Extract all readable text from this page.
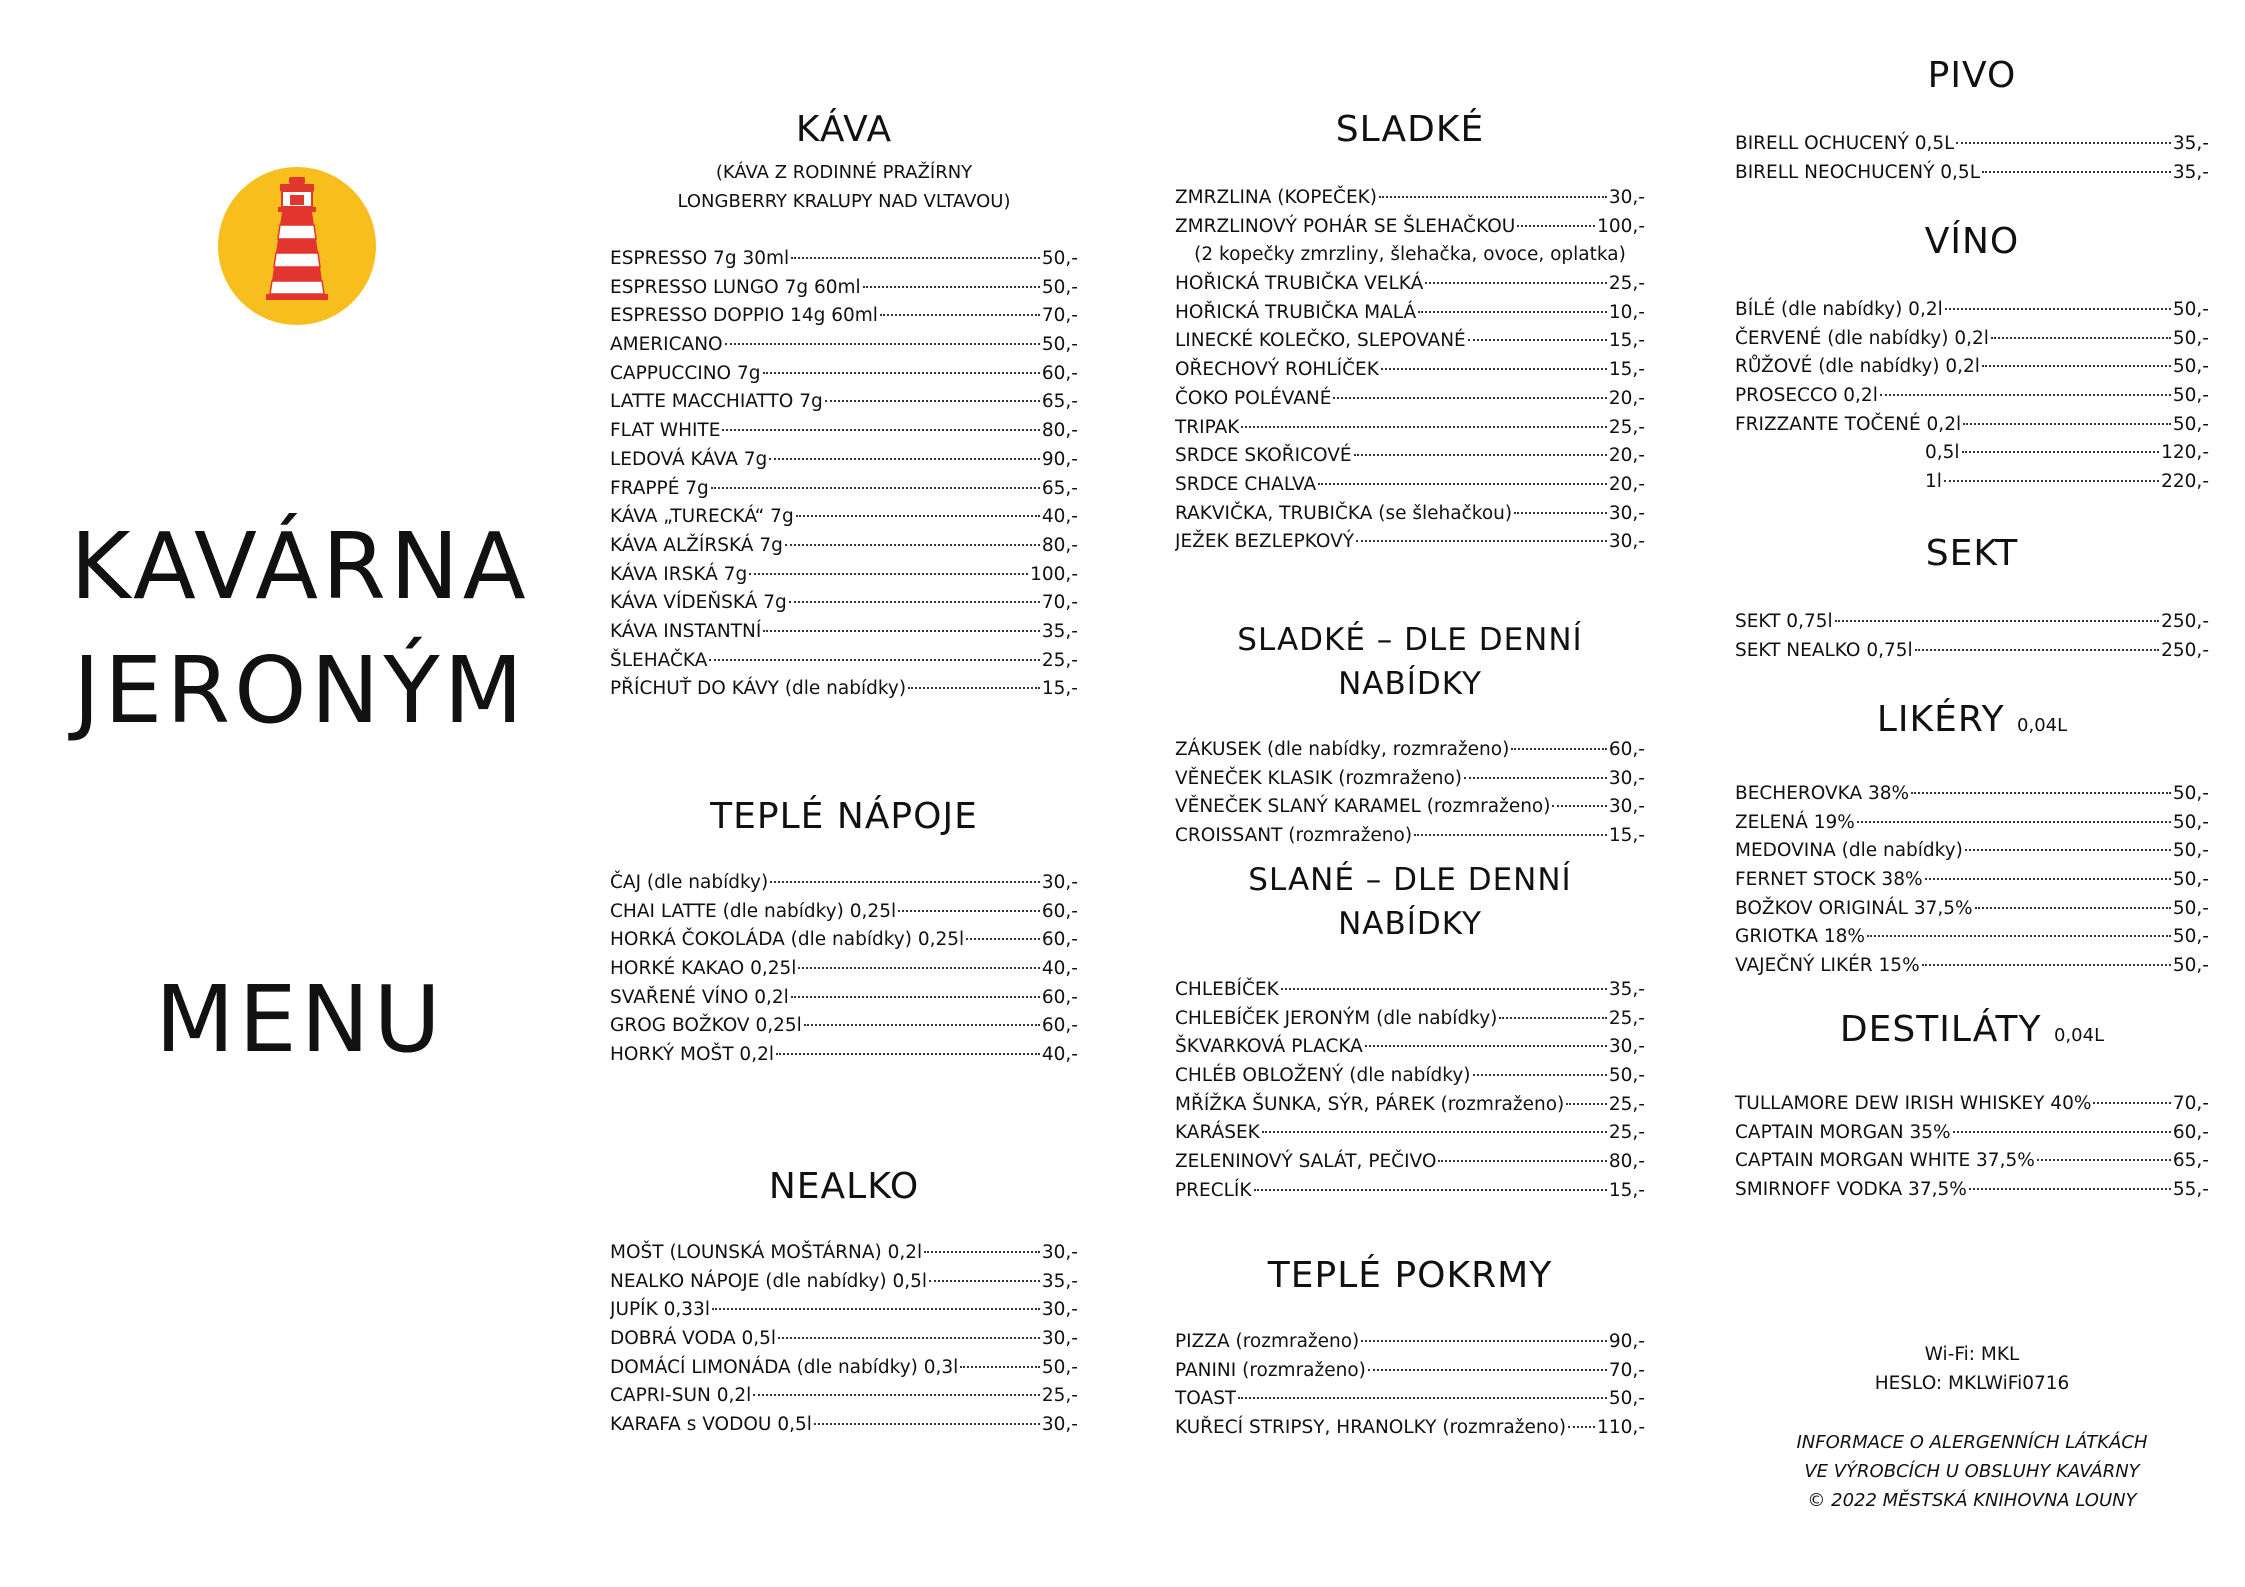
KAVÁRNA
JERONÝM
MENU
KÁVA
(KÁVA Z RODINNÉ PRAŽÍRNY
LONGBERRY KRALUPY NAD VLTAVOU)
ESPRESSO 7g 30ml	50,-
ESPRESSO LUNGO 7g 60ml	50,-
ESPRESSO DOPPIO 14g 60ml	70,-
AMERICANO	50,-
CAPPUCCINO 7g	60,-
LATTE MACCHIATTO 7g	65,-
FLAT WHITE	80,-
LEDOVÁ KÁVA 7g	90,-
FRAPPÉ 7g	65,-
KÁVA „TURECKÁ“ 7g	40,-
KÁVA ALŽÍRSKÁ 7g	80,-
KÁVA IRSKÁ 7g	100,-
KÁVA VÍDEŇSKÁ 7g	70,-
KÁVA INSTANTNÍ	35,-
ŠLEHAČKA	25,-
PŘÍCHUŤ DO KÁVY (dle nabídky)	15,-
TEPLÉ NÁPOJE
ČAJ (dle nabídky)	30,-
CHAI LATTE (dle nabídky) 0,25l	60,-
HORKÁ ČOKOLÁDA (dle nabídky) 0,25l	60,-
HORKÉ KAKAO 0,25l	40,-
SVAŘENÉ VÍNO 0,2l	60,-
GROG BOŽKOV 0,25l	60,-
HORKÝ MOŠT 0,2l	40,-
NEALKO
MOŠT (LOUNSKÁ MOŠTÁRNA) 0,2l	30,-
NEALKO NÁPOJE (dle nabídky) 0,5l	35,-
JUPÍK 0,33l	30,-
DOBRÁ VODA 0,5l	30,-
DOMÁCÍ LIMONÁDA (dle nabídky) 0,3l	50,-
CAPRI-SUN 0,2l	25,-
KARAFA s VODOU 0,5l	30,-
SLADKÉ
ZMRZLINA (KOPEČEK)	30,-
ZMRZLINOVÝ POHÁR SE ŠLEHAČKOU	100,-
(2 kopečky zmrzliny, šlehačka, ovoce, oplatka)
HOŘICKÁ TRUBIČKA VELKÁ	25,-
HOŘICKÁ TRUBIČKA MALÁ	10,-
LINECKÉ KOLEČKO, SLEPOVANÉ	15,-
OŘECHOVÝ ROHLÍČEK	15,-
ČOKO POLÉVANÉ	20,-
TRIPAK	25,-
SRDCE SKOŘICOVÉ	20,-
SRDCE CHALVA	20,-
RAKVIČKA, TRUBIČKA (se šlehačkou)	30,-
JEŽEK BEZLEPKOVÝ	30,-
SLADKÉ – DLE DENNÍ NABÍDKY
ZÁKUSEK (dle nabídky, rozmraženo)	60,-
VĚNEČEK KLASIK (rozmraženo)	30,-
VĚNEČEK SLANÝ KARAMEL (rozmraženo)	30,-
CROISSANT (rozmraženo)	15,-
SLANÉ – DLE DENNÍ NABÍDKY
CHLEBÍČEK	35,-
CHLEBÍČEK JERONÝM (dle nabídky)	25,-
ŠKVARKOVÁ PLACKA	30,-
CHLÉB OBLOŽENÝ (dle nabídky)	50,-
MŘÍŽKA ŠUNKA, SÝR, PÁREK (rozmraženo) 25,-
KARÁSEK	25,-
ZELENINOVÝ SALÁT, PEČIVO	80,-
PRECLÍK	15,-
TEPLÉ POKRMY
PIZZA (rozmraženo)	90,-
PANINI (rozmraženo)	70,-
TOAST	50,-
KUŘECÍ STRIPSY, HRANOLKY (rozmraženo) 110,-
PIVO
BIRELL OCHUCENÝ 0,5L	35,-
BIRELL NEOCHUCENÝ 0,5L	35,-
VÍNO
BÍLÉ (dle nabídky) 0,2l	50,-
ČERVENÉ (dle nabídky) 0,2l	50,-
RŮŽOVÉ (dle nabídky) 0,2l	50,-
PROSECCO 0,2l	50,-
FRIZZANTE TOČENÉ 0,2l	50,-
0,5l	120,-
1l	220,-
SEKT
SEKT 0,75l	250,-
SEKT NEALKO 0,75l	250,-
LIKÉRY 0,04L
BECHEROVKA 38%	50,-
ZELENÁ 19%	50,-
MEDOVINA (dle nabídky)	50,-
FERNET STOCK 38%	50,-
BOŽKOV ORIGINÁL 37,5%	50,-
GRIOTKA 18%	50,-
VAJEČNÝ LIKÉR 15%	50,-
DESTILÁTY 0,04L
TULLAMORE DEW IRISH WHISKEY 40%	70,-
CAPTAIN MORGAN 35%	60,-
CAPTAIN MORGAN WHITE 37,5%	65,-
SMIRNOFF VODKA 37,5%	55,-
Wi-Fi: MKL
HESLO: MKLWiFi0716
INFORMACE O ALERGENNÍCH LÁTKÁCH
VE VÝROBCÍCH U OBSLUHY KAVÁRNY
© 2022 MĚSTSKÁ KNIHOVNA LOUNY
